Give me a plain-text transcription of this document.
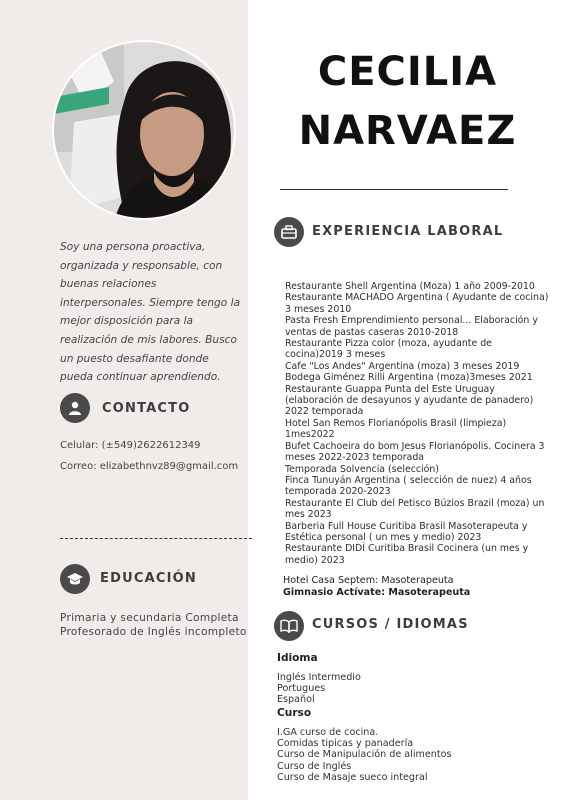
Soy una persona proactiva, organizada y responsable, con buenas relaciones interpersonales. Siempre tengo la mejor disposición para la realización de mis labores. Busco un puesto desafiante donde pueda continuar aprendiendo.
CONTACTO
Celular: (±549)2622612349
Correo: elizabethnvz89@gmail.com
EDUCACIÓN
Primaria y secundaria Completa
Profesorado de Inglés incompleto
CECILIA
NARVAEZ
EXPERIENCIA LABORAL
Restaurante Shell Argentina (Moza) 1 año 2009-2010
Restaurante MACHADO Argentina ( Ayudante de cocina) 3 meses 2010
Pasta Fresh Emprendimiento personal... Elaboración y ventas de pastas caseras 2010-2018
Restaurante Pizza color (moza, ayudante de cocina)2019 3 meses
Cafe "Los Andes" Argentina (moza) 3 meses 2019
Bodega Giménez Rilli Argentina (moza)3meses 2021
Restaurante Guappa Punta del Este Uruguay (elaboración de desayunos y ayudante de panadero) 2022 temporada
Hotel San Remos Florianópolis Brasil (limpieza) 1mes2022
Bufet Cachoeira do bom Jesus Florianópolis. Cocinera 3 meses 2022-2023 temporada
Temporada Solvencia (selección)
Finca Tunuyán Argentina ( selección de nuez) 4 años temporada 2020-2023
Restaurante El Club del Petisco Búzios Brazil (moza) un mes 2023
Barberia Full House Curitiba Brasil Masoterapeuta y Estética personal ( un mes y medio) 2023
Restaurante DIDÍ Curitiba Brasil Cocinera (un mes y medio) 2023
Hotel Casa Septem: Masoterapeuta
Gimnasio Actívate: Masoterapeuta
CURSOS / IDIOMAS
Idioma
Inglés Intermedio
Portugues
Español
Curso
I.GA curso de cocina.
Comidas tipicas y panadería
Curso de Manipulación de alimentos
Curso de Inglés
Curso de Masaje sueco integral
